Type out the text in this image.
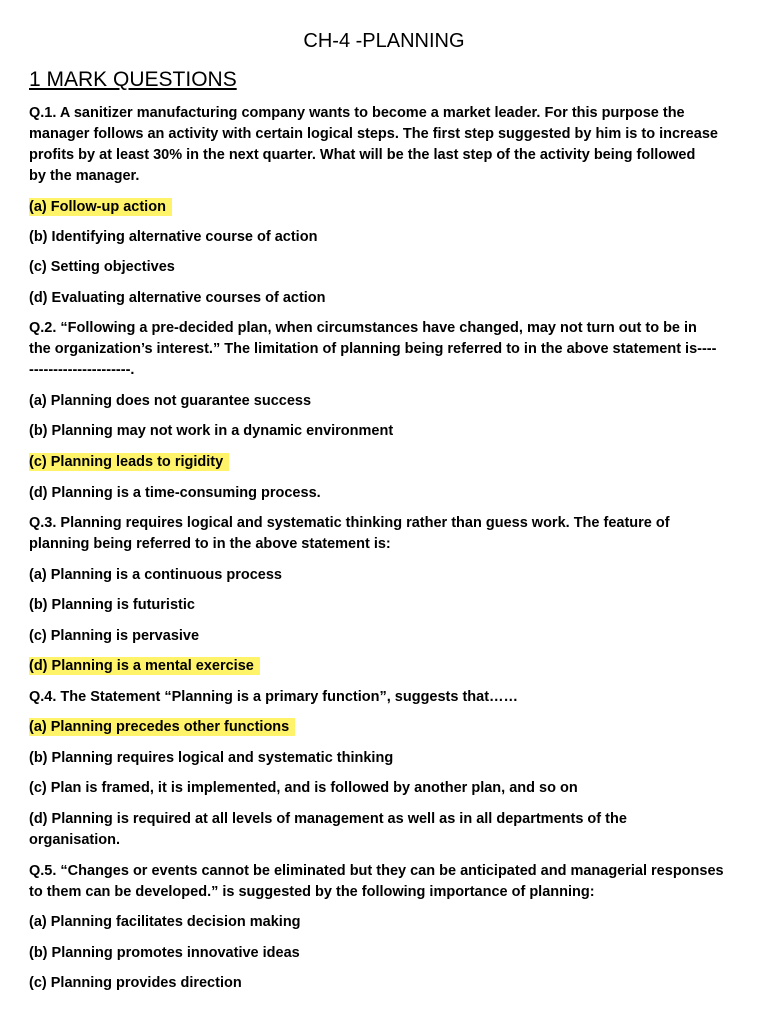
CH-4 -PLANNING
1 MARK QUESTIONS
Q.1. A sanitizer manufacturing company wants to become a market leader. For this purpose the
manager follows an activity with certain logical steps. The first step suggested by him is to increase
profits by at least 30% in the next quarter. What will be the last step of the activity being followed
by the manager.
(a) Follow-up action
(b) Identifying alternative course of action
(c) Setting objectives
(d) Evaluating alternative courses of action
Q.2. “Following a pre-decided plan, when circumstances have changed, may not turn out to be in
the organization’s interest.” The limitation of planning being referred to in the above statement is----
---------------------.
(a) Planning does not guarantee success
(b) Planning may not work in a dynamic environment
(c) Planning leads to rigidity
(d) Planning is a time-consuming process.
Q.3. Planning requires logical and systematic thinking rather than guess work. The feature of
planning being referred to in the above statement is:
(a) Planning is a continuous process
(b) Planning is futuristic
(c) Planning is pervasive
(d) Planning is a mental exercise
Q.4. The Statement “Planning is a primary function”, suggests that……
(a) Planning precedes other functions
(b) Planning requires logical and systematic thinking
(c) Plan is framed, it is implemented, and is followed by another plan, and so on
(d) Planning is required at all levels of management as well as in all departments of the
organisation.
Q.5. “Changes or events cannot be eliminated but they can be anticipated and managerial responses
to them can be developed.” is suggested by the following importance of planning:
(a) Planning facilitates decision making
(b) Planning promotes innovative ideas
(c) Planning provides direction
